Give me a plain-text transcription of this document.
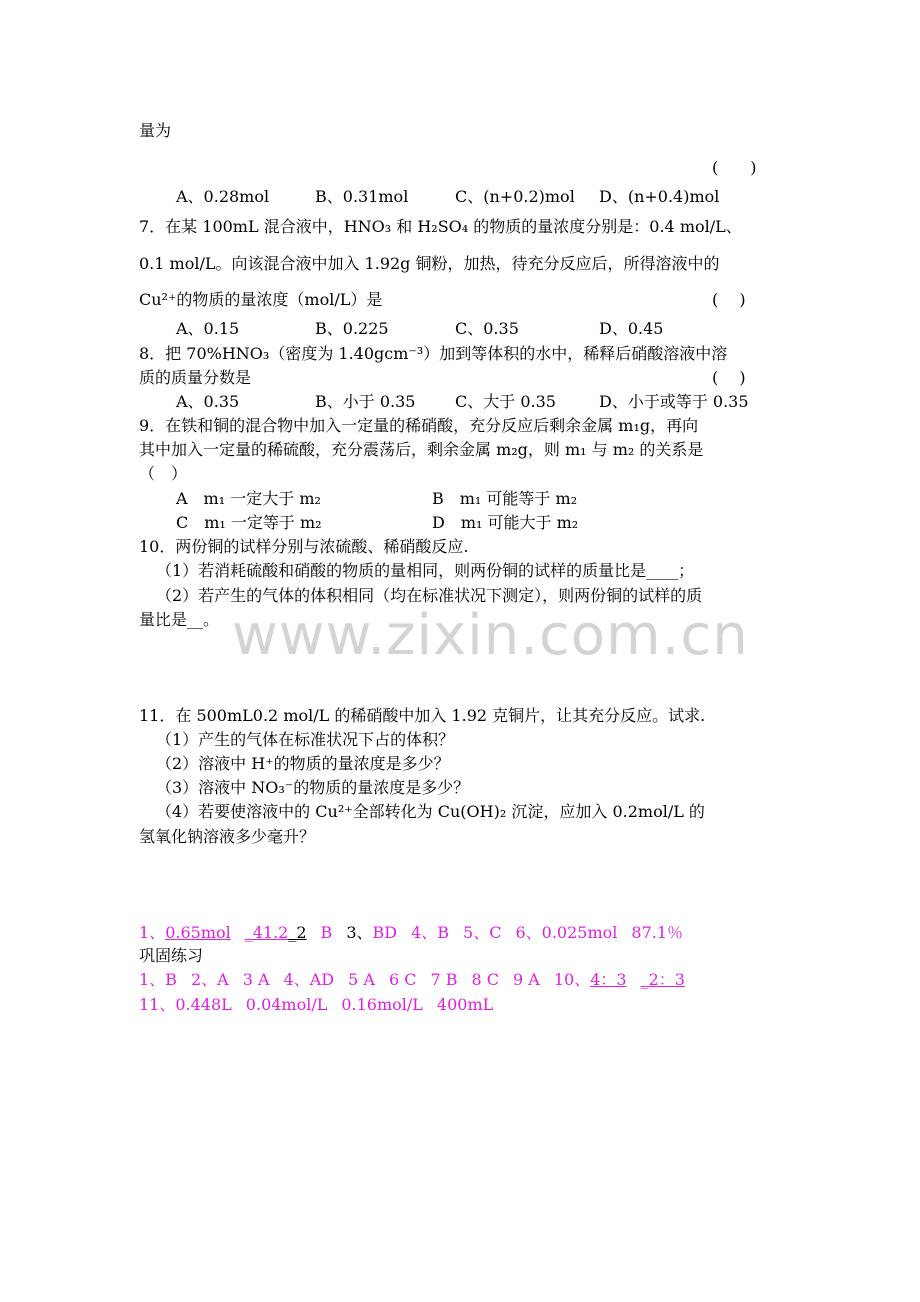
www.zixin.com.cn
量为
(　　)
A、0.28mol	B、0.31mol	C、(n+0.2)mol D、(n+0.4)mol
7．在某 100mL 混合液中，HNO₃ 和 H₂SO₄ 的物质的量浓度分别是：0.4 mol/L、
0.1 mol/L。向该混合液中加入 1.92g 铜粉，加热，待充分反应后，所得溶液中的
Cu²⁺的物质的量浓度（mol/L）是	(　 )
A、0.15	B、0.225	C、0.35	D、0.45
8．把 70%HNO₃（密度为 1.40gcm⁻³）加到等体积的水中，稀释后硝酸溶液中溶
质的质量分数是	(　 )
A、0.35	B、小于 0.35 C、大于 0.35	D、小于或等于 0.35
9．在铁和铜的混合物中加入一定量的稀硝酸，充分反应后剩余金属 m₁g，再向
其中加入一定量的稀硫酸，充分震荡后，剩余金属 m₂g，则 m₁ 与 m₂ 的关系是
（　）
A　m₁ 一定大于 m₂	B　m₁ 可能等于 m₂
C　m₁ 一定等于 m₂	D　m₁ 可能大于 m₂
10．两份铜的试样分别与浓硫酸、稀硝酸反应.
（1）若消耗硫酸和硝酸的物质的量相同，则两份铜的试样的质量比是____；
（2）若产生的气体的体积相同（均在标准状况下测定），则两份铜的试样的质
量比是__。
11．在 500mL0.2 mol/L 的稀硝酸中加入 1.92 克铜片，让其充分反应。试求.
（1）产生的气体在标准状况下占的体积？
（2）溶液中 H⁺的物质的量浓度是多少？
（3）溶液中 NO₃⁻的物质的量浓度是多少？
（4）若要使溶液中的 Cu²⁺全部转化为 Cu(OH)₂ 沉淀，应加入 0.2mol/L 的
氢氧化钠溶液多少毫升？
1、0.65mol _41.2_2 B 3、BD 4、B 5、C 6、0.025mol 87.1％
巩固练习
1、B 2、A 3 A 4、AD 5 A 6 C 7 B 8 C 9 A 10、4：3 _2：3
11、0.448L 0.04mol/L 0.16mol/L 400mL
